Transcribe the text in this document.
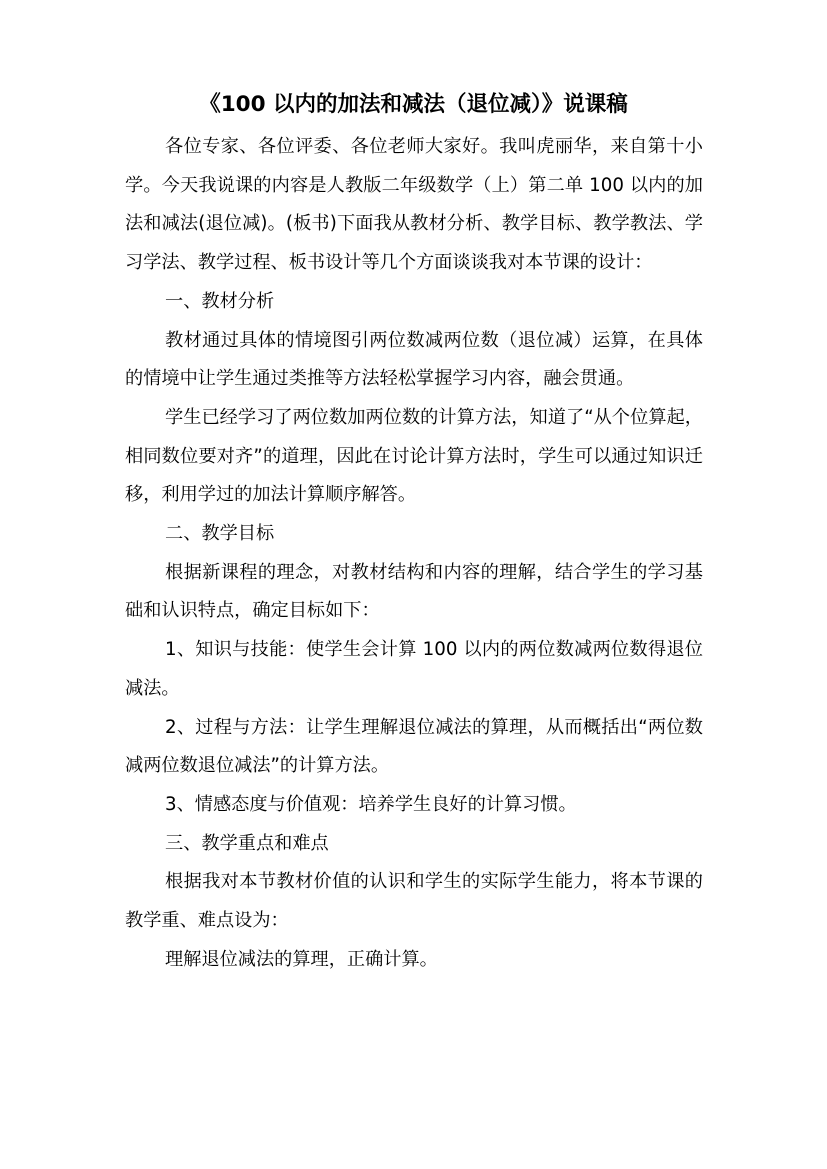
《100 以内的加法和减法（退位减）》说课稿

各位专家、各位评委、各位老师大家好。我叫虎丽华，来自第十小学。今天我说课的内容是人教版二年级数学（上）第二单 100 以内的加法和减法(退位减)。(板书)下面我从教材分析、教学目标、教学教法、学习学法、教学过程、板书设计等几个方面谈谈我对本节课的设计：

一、教材分析

教材通过具体的情境图引两位数减两位数（退位减）运算，在具体的情境中让学生通过类推等方法轻松掌握学习内容，融会贯通。

学生已经学习了两位数加两位数的计算方法，知道了“从个位算起，相同数位要对齐”的道理，因此在讨论计算方法时，学生可以通过知识迁移，利用学过的加法计算顺序解答。

二、教学目标

根据新课程的理念，对教材结构和内容的理解，结合学生的学习基础和认识特点，确定目标如下：

1、知识与技能：使学生会计算 100 以内的两位数减两位数得退位减法。

2、过程与方法：让学生理解退位减法的算理，从而概括出“两位数减两位数退位减法”的计算方法。

3、情感态度与价值观：培养学生良好的计算习惯。

三、教学重点和难点

根据我对本节教材价值的认识和学生的实际学生能力，将本节课的教学重、难点设为：

理解退位减法的算理，正确计算。
